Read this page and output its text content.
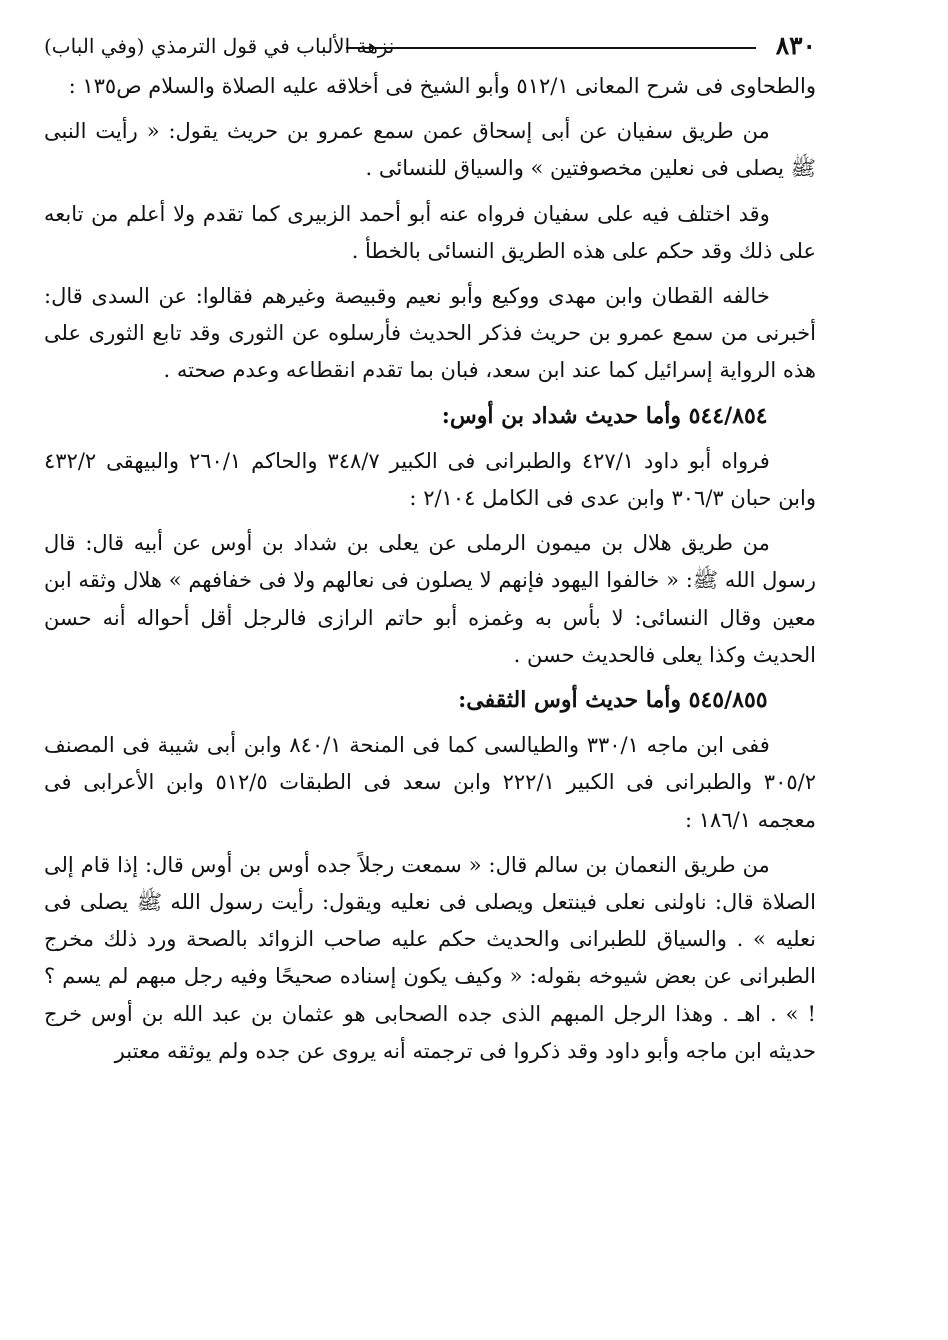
٨٣٠
نزهة الألباب في قول الترمذي (وفي الباب)

والطحاوى فى شرح المعانى ٥١٢/١ وأبو الشيخ فى أخلاقه عليه الصلاة والسلام ص١٣٥ :

من طريق سفيان عن أبى إسحاق عمن سمع عمرو بن حريث يقول: « رأيت النبى ﷺ يصلى فى نعلين مخصوفتين » والسياق للنسائى .

وقد اختلف فيه على سفيان فرواه عنه أبو أحمد الزبيرى كما تقدم ولا أعلم من تابعه على ذلك وقد حكم على هذه الطريق النسائى بالخطأ .

خالفه القطان وابن مهدى ووكيع وأبو نعيم وقبيصة وغيرهم فقالوا: عن السدى قال: أخبرنى من سمع عمرو بن حريث فذكر الحديث فأرسلوه عن الثورى وقد تابع الثورى على هذه الرواية إسرائيل كما عند ابن سعد، فبان بما تقدم انقطاعه وعدم صحته .

٥٤٤/٨٥٤ وأما حديث شداد بن أوس:

فرواه أبو داود ٤٢٧/١ والطبرانى فى الكبير ٣٤٨/٧ والحاكم ٢٦٠/١ والبيهقى ٤٣٢/٢ وابن حبان ٣٠٦/٣ وابن عدى فى الكامل ٢/١٠٤ :

من طريق هلال بن ميمون الرملى عن يعلى بن شداد بن أوس عن أبيه قال: قال رسول الله ﷺ: « خالفوا اليهود فإنهم لا يصلون فى نعالهم ولا فى خفافهم » هلال وثقه ابن معين وقال النسائى: لا بأس به وغمزه أبو حاتم الرازى فالرجل أقل أحواله أنه حسن الحديث وكذا يعلى فالحديث حسن .

٥٤٥/٨٥٥ وأما حديث أوس الثقفى:

ففى ابن ماجه ٣٣٠/١ والطيالسى كما فى المنحة ٨٤٠/١ وابن أبى شيبة فى المصنف ٣٠٥/٢ والطبرانى فى الكبير ٢٢٢/١ وابن سعد فى الطبقات ٥١٢/٥ وابن الأعرابى فى معجمه ١٨٦/١ :

من طريق النعمان بن سالم قال: « سمعت رجلاً جده أوس بن أوس قال: إذا قام إلى الصلاة قال: ناولنى نعلى فينتعل ويصلى فى نعليه ويقول: رأيت رسول الله ﷺ يصلى فى نعليه » . والسياق للطبرانى والحديث حكم عليه صاحب الزوائد بالصحة ورد ذلك مخرج الطبرانى عن بعض شيوخه بقوله: « وكيف يكون إسناده صحيحًا وفيه رجل مبهم لم يسم ؟ ! » . اهـ . وهذا الرجل المبهم الذى جده الصحابى هو عثمان بن عبد الله بن أوس خرج حديثه ابن ماجه وأبو داود وقد ذكروا فى ترجمته أنه يروى عن جده ولم يوثقه معتبر
